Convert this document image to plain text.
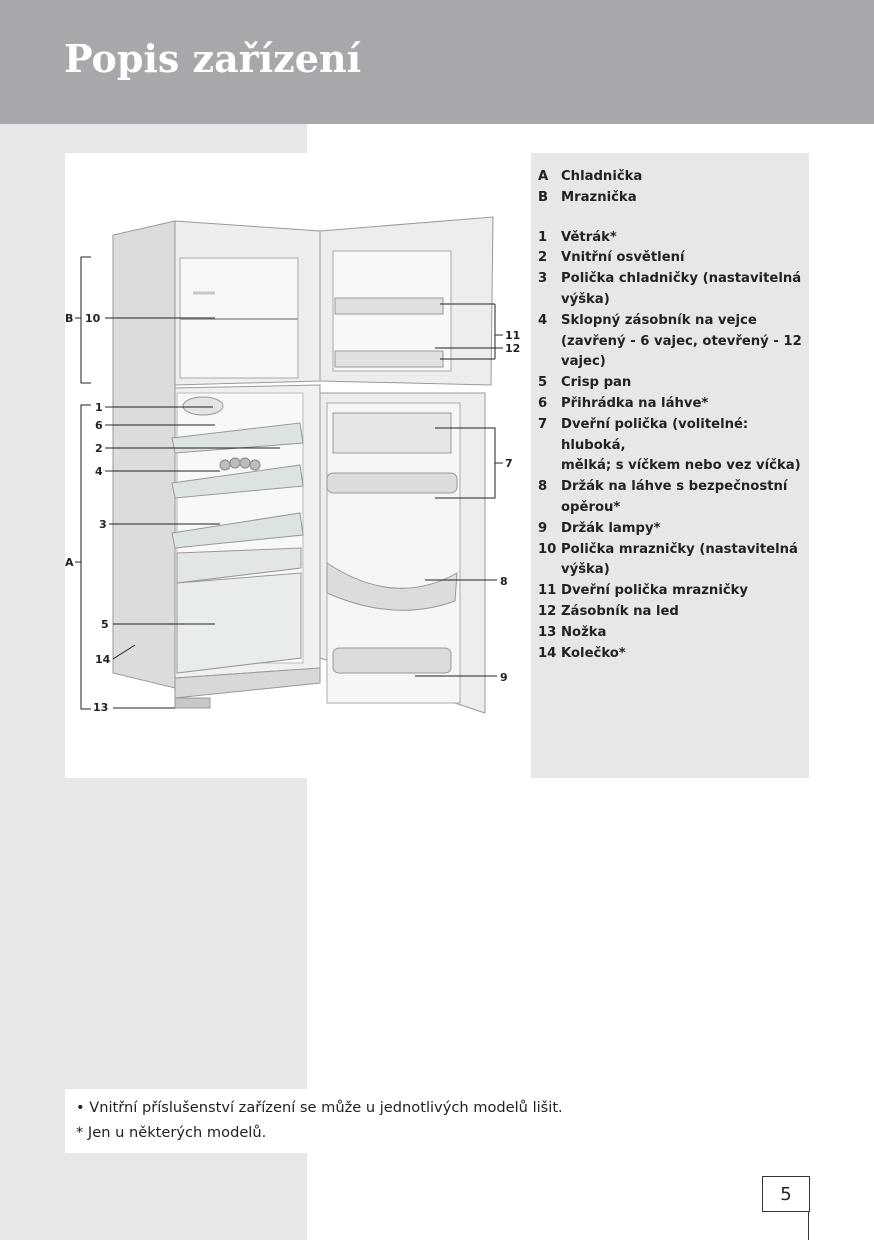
Popis zařízení
B
A
10
1
6
2
4
3
5
14
13
11
12
7
8
9
A Chladnička
B Mraznička
1	Větrák*
2	Vnitřní osvětlení
3	Polička chladničky (nastavitelná
výška)
4	Sklopný zásobník na vejce
(zavřený - 6 vajec, otevřený - 12
vajec)
5	Crisp pan
6	Přihrádka na láhve*
7	Dveřní polička (volitelné: hluboká,
mělká; s víčkem nebo vez víčka)
8	Držák na láhve s bezpečnostní
opěrou*
9	Držák lampy*
10 Polička mrazničky (nastavitelná
výška)
11 Dveřní polička mrazničky
12 Zásobník na led
13 Nožka
14 Kolečko*
• Vnitřní příslušenství zařízení se může u jednotlivých modelů lišit.
* Jen u některých modelů.
5
